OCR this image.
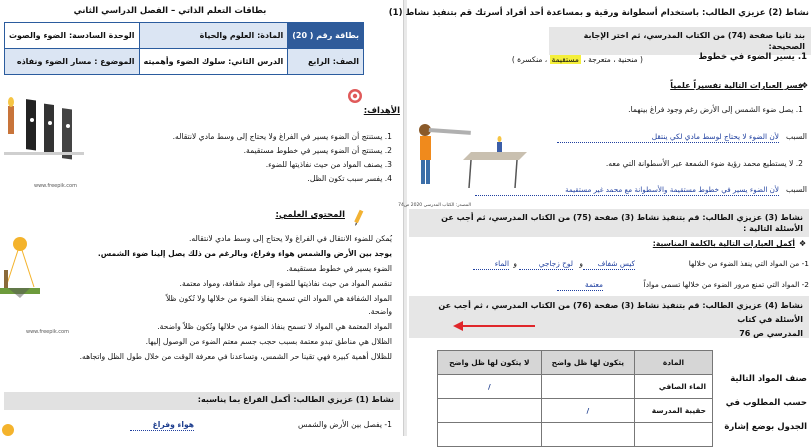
بطاقات التعلم الذاتي – الفصل الدراسي الثاني
بطاقة رقم ( 20)	المادة: العلوم والحياة	الوحدة السادسة: الضوء والصوت
الصف: الرابع	الدرس الثاني: سلوك الضوء وأهميته	الموضوع : مسار الضوء ونفاذه
الأهداف:
www.freepik.com
1. يستنتج أن الضوء يسير في الفراغ ولا يحتاج إلى وسط مادي لانتقاله.
2. يستنتج أن الضوء يسير في خطوط مستقيمة.
3. يصنف المواد من حيث نفاذيتها للضوء.
4. يفسر سبب تكون الظل.
المحتوى العلمي:
www.freepik.com
يُمكن للضوء الانتقال في الفراغ ولا يحتاج إلى وسط مادي لانتقاله.
يوجد بين الأرض والشمس هواء وفراغ، وبالرغم من ذلك يصل إلينا ضوء الشمس.
الضوء يسير في خطوط مستقيمة.
تنقسم المواد من حيث نفاذيتها للضوء إلى مواد شفافة، ومواد معتمة.
المواد الشفافة هي المواد التي تسمح بنفاذ الضوء من خلالها ولا تُكون ظلاً
واضحة.
المواد المعتمة هي المواد لا تسمح بنفاذ الضوء من خلالها وتُكون ظلاً واضحة.
الظلال هي مناطق تبدو معتمة بسبب حجب جسم معتم الضوء من الوصول إليها.
للظلال أهمية كبيرة فهي تقينا حر الشمس، وتساعدنا في معرفة الوقت من خلال طول الظل واتجاهه.
نشاط (1) عزيزي الطالب: أكمل الفراغ بما يناسبه:
1- يفصل بين الأرض والشمس
هواء وفراغ
نشاط (2) عزيزي الطالب: باستخدام أسطوانة ورقية و بمساعدة أحد أفراد أسرتك قم بتنفيذ نشاط (1)
بند ثانيا صفحة (74) من الكتاب المدرسي، ثم اختر الإجابة الصحيحة:
1. يسير الضوء في خطوط
( منحنية ، متعرجة ، مستقيمة ، منكسرة )
فسر العبارات التالية تفسيراً علمياً
❖
1. يصل ضوء الشمس إلى الأرض رغم وجود فراغ بينهما.
السبب
لأن الضوء لا يحتاج لوسط مادي لكي ينتقل
2. لا يستطيع محمد رؤية ضوء الشمعة عبر الأسطوانة التي معه.
السبب
لأن الضوء يسير في خطوط مستقيمة والأسطوانة مع محمد غير مستقيمة
المصدر: الكتاب المدرسي 2020 ص74
نشاط (3) عزيزي الطالب: قم بتنفيذ نشاط (3) صفحة (75) من الكتاب المدرسي، ثم أجب عن الأسئلة التالية :
أكمل العبارات التالية بالكلمة المناسبة: ❖
1- من المواد التي ينفذ الضوء من خلالها
كيس شفاف
و
لوح زجاجي
و
الماء
2- المواد التي تمنع مرور الضوء من خلالها تسمى مواداً
معتمة
نشاط (4) عزيزي الطالب: قم بتنفيذ نشاط (3) صفحة (76) من الكتاب المدرسي ، ثم أجب عن الأسئلة في كتاب
المدرسي ص 76
المادة	يتكون لها ظل واضح	لا يتكون لها ظل واضح
الماء الصافي		/
حقيبة المدرسة	/	

صنف المواد التالية
حسب المطلوب في
الجدول بوضع إشارة
